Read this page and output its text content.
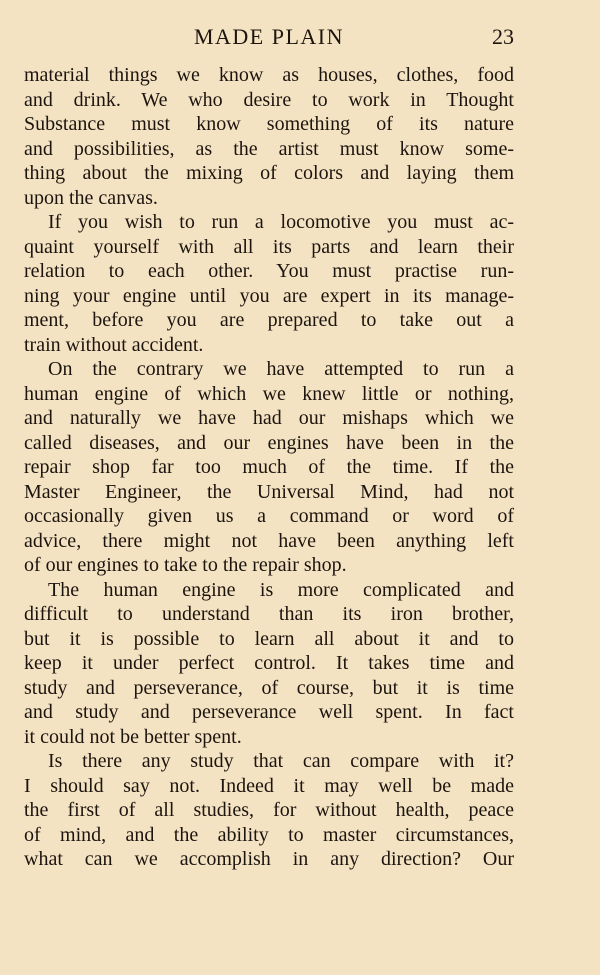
MADE PLAIN	23
material things we know as houses, clothes, food
and drink. We who desire to work in Thought
Substance must know something of its nature
and possibilities, as the artist must know some-
thing about the mixing of colors and laying them
upon the canvas.
If you wish to run a locomotive you must ac-
quaint yourself with all its parts and learn their
relation to each other. You must practise run-
ning your engine until you are expert in its manage-
ment, before you are prepared to take out a
train without accident.
On the contrary we have attempted to run a
human engine of which we knew little or nothing,
and naturally we have had our mishaps which we
called diseases, and our engines have been in the
repair shop far too much of the time. If the
Master Engineer, the Universal Mind, had not
occasionally given us a command or word of
advice, there might not have been anything left
of our engines to take to the repair shop.
The human engine is more complicated and
difficult to understand than its iron brother,
but it is possible to learn all about it and to
keep it under perfect control. It takes time and
study and perseverance, of course, but it is time
and study and perseverance well spent. In fact
it could not be better spent.
Is there any study that can compare with it?
I should say not. Indeed it may well be made
the first of all studies, for without health, peace
of mind, and the ability to master circumstances,
what can we accomplish in any direction? Our
